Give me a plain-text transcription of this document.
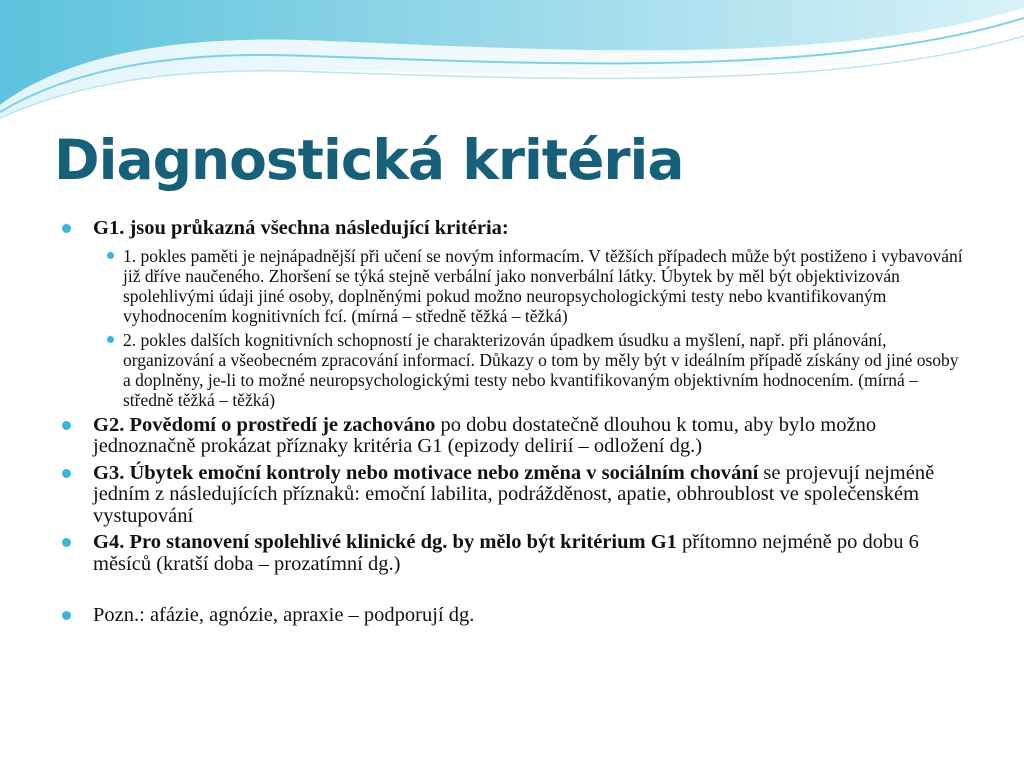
Diagnostická kritéria
G1. jsou průkazná všechna následující kritéria:
1. pokles paměti je nejnápadnější při učení se novým informacím. V těžších případech může být postiženo i vybavování již dříve naučeného. Zhoršení se týká stejně verbální jako nonverbální látky. Úbytek by měl být objektivizován spolehlivými údaji jiné osoby, doplněnými pokud možno neuropsychologickými testy nebo kvantifikovaným vyhodnocením kognitivních fcí. (mírná – středně těžká – těžká)
2. pokles dalších kognitivních schopností je charakterizován úpadkem úsudku a myšlení, např. při plánování, organizování a všeobecném zpracování informací. Důkazy o tom by měly být v ideálním případě získány od jiné osoby a doplněny, je-li to možné neuropsychologickými testy nebo kvantifikovaným objektivním hodnocením. (mírná – středně těžká – těžká)
G2. Povědomí o prostředí je zachováno po dobu dostatečně dlouhou k tomu, aby bylo možno jednoznačně prokázat příznaky kritéria G1 (epizody delirií – odložení dg.)
G3. Úbytek emoční kontroly nebo motivace nebo změna v sociálním chování se projevují nejméně jedním z následujících příznaků: emoční labilita, podrážděnost, apatie, obhroublost ve společenském vystupování
G4. Pro stanovení spolehlivé klinické dg. by mělo být kritérium G1 přítomno nejméně po dobu 6 měsíců (kratší doba – prozatímní dg.)
Pozn.: afázie, agnózie, apraxie – podporují dg.
